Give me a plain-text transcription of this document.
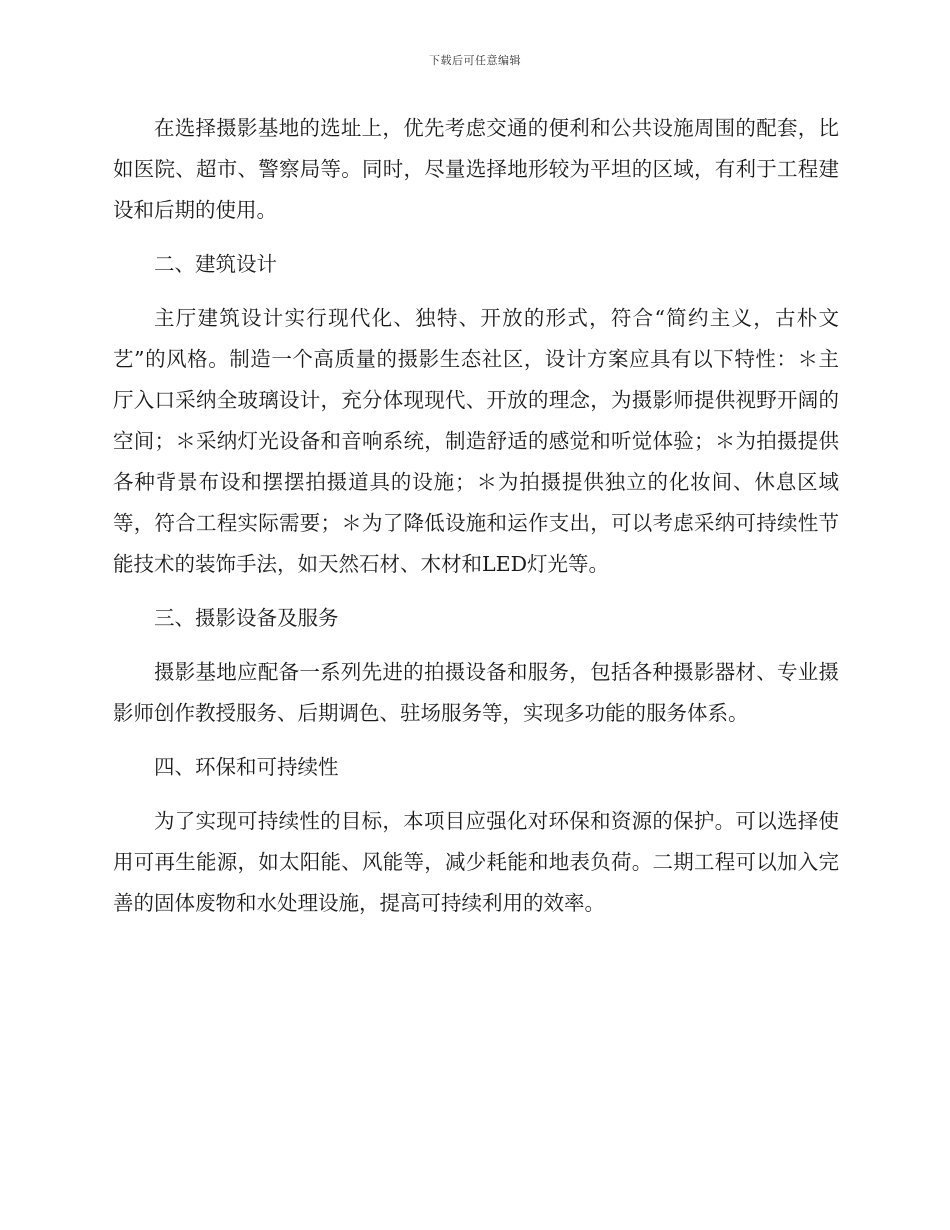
下载后可任意编辑

在选择摄影基地的选址上，优先考虑交通的便利和公共设施周围的配套，比如医院、超市、警察局等。同时，尽量选择地形较为平坦的区域，有利于工程建设和后期的使用。

二、建筑设计

主厅建筑设计实行现代化、独特、开放的形式，符合“简约主义，古朴文艺”的风格。制造一个高质量的摄影生态社区，设计方案应具有以下特性：＊主厅入口采纳全玻璃设计，充分体现现代、开放的理念，为摄影师提供视野开阔的空间；＊采纳灯光设备和音响系统，制造舒适的感觉和听觉体验；＊为拍摄提供各种背景布设和摆摆拍摄道具的设施；＊为拍摄提供独立的化妆间、休息区域等，符合工程实际需要；＊为了降低设施和运作支出，可以考虑采纳可持续性节能技术的装饰手法，如天然石材、木材和LED灯光等。

三、摄影设备及服务

摄影基地应配备一系列先进的拍摄设备和服务，包括各种摄影器材、专业摄影师创作教授服务、后期调色、驻场服务等，实现多功能的服务体系。

四、环保和可持续性

为了实现可持续性的目标，本项目应强化对环保和资源的保护。可以选择使用可再生能源，如太阳能、风能等，减少耗能和地表负荷。二期工程可以加入完善的固体废物和水处理设施，提高可持续利用的效率。
